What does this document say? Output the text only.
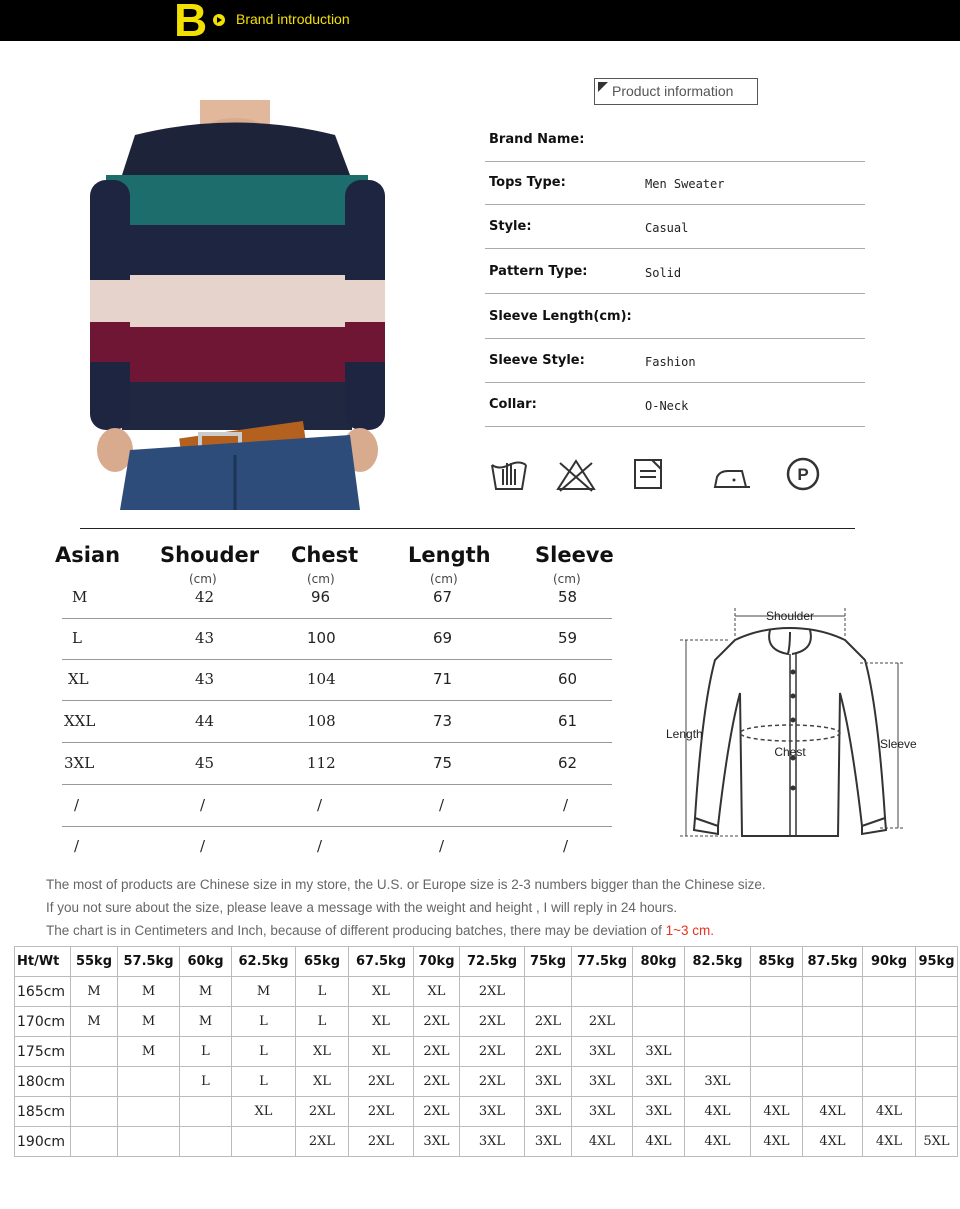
B Brand introduction
Product information
Brand Name:
Tops Type:	Men Sweater
Style:	Casual
Pattern Type:	Solid
Sleeve Length(cm):
Sleeve Style:	Fashion
Collar:	O-Neck
P
Asian Shouder Chest Length Sleeve
(cm)	(cm)	(cm)	(cm)
M	42	96	67	58
L	43	100	69	59
XL	43	104	71	60
XXL	44	108	73	61
3XL	45	112	75	62
/	/	/	/	/
/	/	/	/	/
Shoulder
Length
Chest
Sleeve
The most of products are Chinese size in my store, the U.S. or Europe size is 2-3 numbers bigger than the Chinese size.
If you not sure about the size, please leave a message with the weight and height , I will reply in 24 hours.
The chart is in Centimeters and Inch, because of different producing batches, there may be deviation of 1~3 cm.
Ht/Wt	55kg	57.5kg	60kg	62.5kg	65kg	67.5kg	70kg	72.5kg	75kg	77.5kg	80kg	82.5kg	85kg	87.5kg	90kg	95kg
165cm	M	M	M	M	L	XL	XL	2XL								
170cm	M	M	M	L	L	XL	2XL	2XL	2XL	2XL						
175cm		M	L	L	XL	XL	2XL	2XL	2XL	3XL	3XL					
180cm			L	L	XL	2XL	2XL	2XL	3XL	3XL	3XL	3XL				
185cm				XL	2XL	2XL	2XL	3XL	3XL	3XL	3XL	4XL	4XL	4XL	4XL	
190cm					2XL	2XL	3XL	3XL	3XL	4XL	4XL	4XL	4XL	4XL	4XL	5XL
